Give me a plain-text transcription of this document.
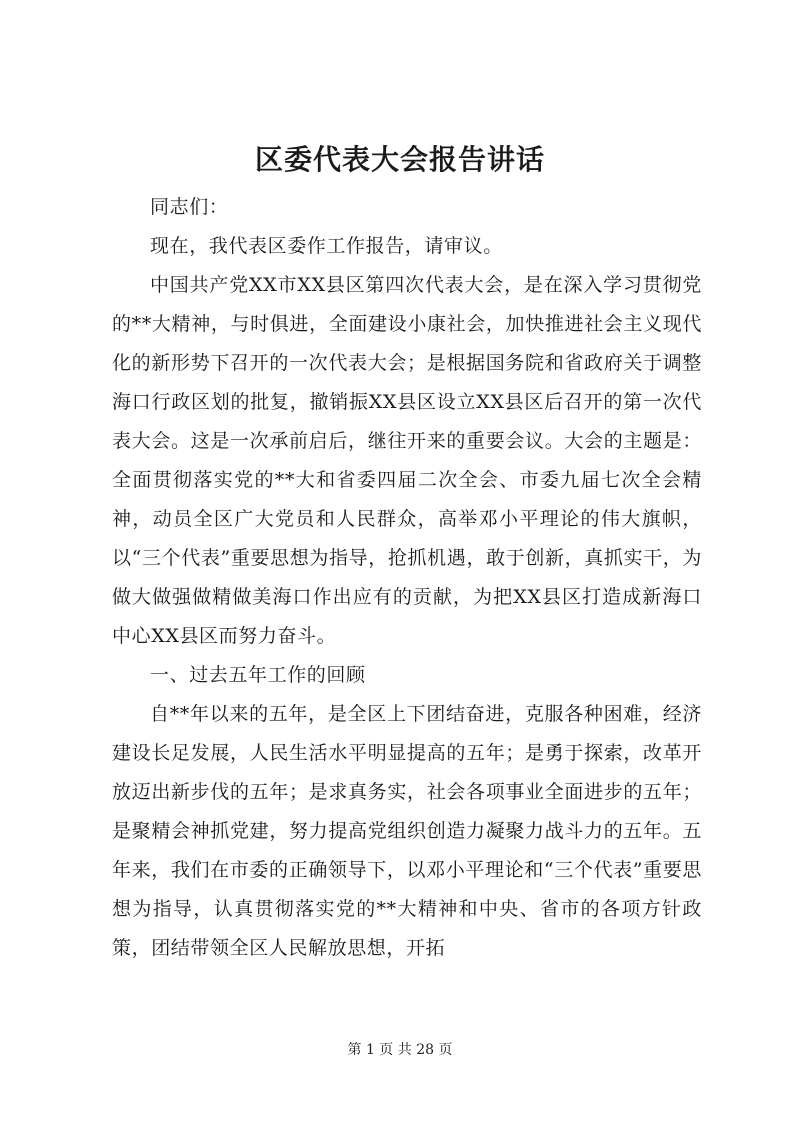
区委代表大会报告讲话

同志们：

现在，我代表区委作工作报告，请审议。

中国共产党XX市XX县区第四次代表大会，是在深入学习贯彻党的**大精神，与时俱进，全面建设小康社会，加快推进社会主义现代化的新形势下召开的一次代表大会；是根据国务院和省政府关于调整海口行政区划的批复，撤销振XX县区设立XX县区后召开的第一次代表大会。这是一次承前启后，继往开来的重要会议。大会的主题是：全面贯彻落实党的**大和省委四届二次全会、市委九届七次全会精神，动员全区广大党员和人民群众，高举邓小平理论的伟大旗帜，以“三个代表”重要思想为指导，抢抓机遇，敢于创新，真抓实干，为做大做强做精做美海口作出应有的贡献，为把XX县区打造成新海口中心XX县区而努力奋斗。

一、过去五年工作的回顾

自**年以来的五年，是全区上下团结奋进，克服各种困难，经济建设长足发展，人民生活水平明显提高的五年；是勇于探索，改革开放迈出新步伐的五年；是求真务实，社会各项事业全面进步的五年；是聚精会神抓党建，努力提高党组织创造力凝聚力战斗力的五年。五年来，我们在市委的正确领导下，以邓小平理论和“三个代表”重要思想为指导，认真贯彻落实党的**大精神和中央、省市的各项方针政策，团结带领全区人民解放思想，开拓

第 1 页 共 28 页
